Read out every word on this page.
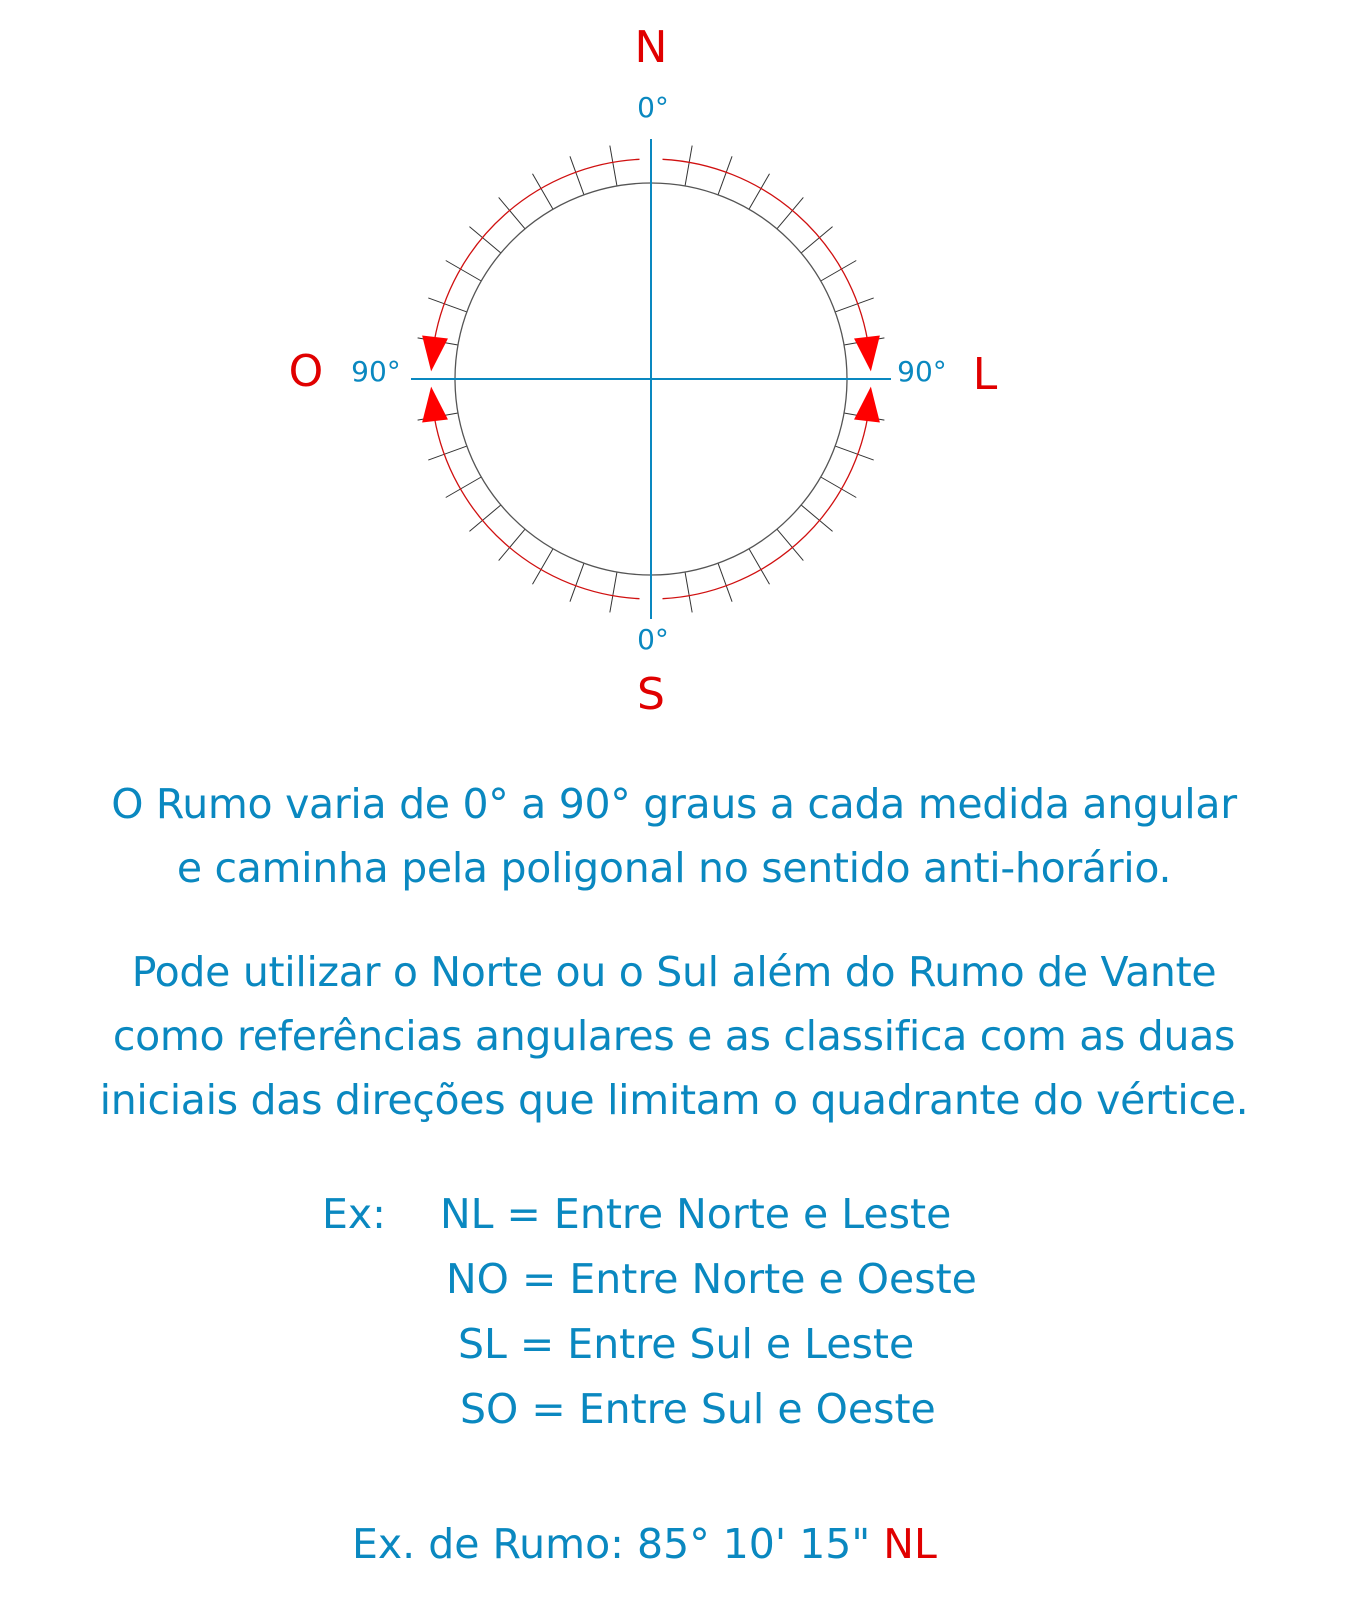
N
0°
O 90°	90° L
0°
S
O Rumo varia de 0° a 90° graus a cada medida angular
e caminha pela poligonal no sentido anti-horário.
Pode utilizar o Norte ou o Sul além do Rumo de Vante
como referências angulares e as classifica com as duas
iniciais das direções que limitam o quadrante do vértice.
Ex: NL = Entre Norte e Leste
NO = Entre Norte e Oeste
SL = Entre Sul e Leste
SO = Entre Sul e Oeste
Ex. de Rumo: 85° 10' 15" NL
